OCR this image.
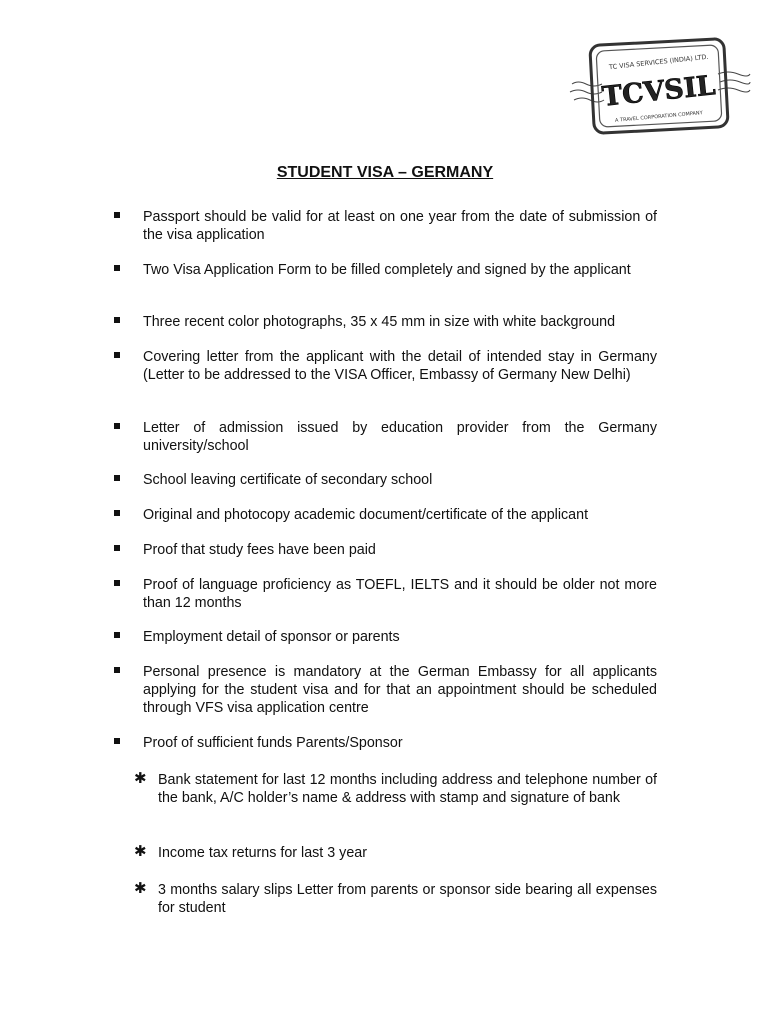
TC VISA SERVICES (INDIA) LTD.
TCVSIL
A TRAVEL CORPORATION COMPANY
STUDENT VISA – GERMANY
Passport should be valid for at least on one year from the date of submission of the visa application
Two Visa Application Form to be filled completely and signed by the applicant
Three recent color photographs, 35 x 45 mm in size with white background
Covering letter from the applicant with the detail of intended stay in Germany (Letter to be addressed to the VISA Officer, Embassy of Germany New Delhi)
Letter of admission issued by education provider from the Germany university/school
School leaving certificate of secondary school
Original and photocopy academic document/certificate of the applicant
Proof that study fees have been paid
Proof of language proficiency as TOEFL, IELTS and it should be older not more than 12 months
Employment detail of sponsor or parents
Personal presence is mandatory at the German Embassy for all applicants applying for the student visa and for that an appointment should be scheduled through VFS visa application centre
Proof of sufficient funds Parents/Sponsor
✱ Bank statement for last 12 months including address and telephone number of the bank, A/C holder’s name & address with stamp and signature of bank
✱ Income tax returns for last 3 year
✱ 3 months salary slips Letter from parents or sponsor side bearing all expenses for student
